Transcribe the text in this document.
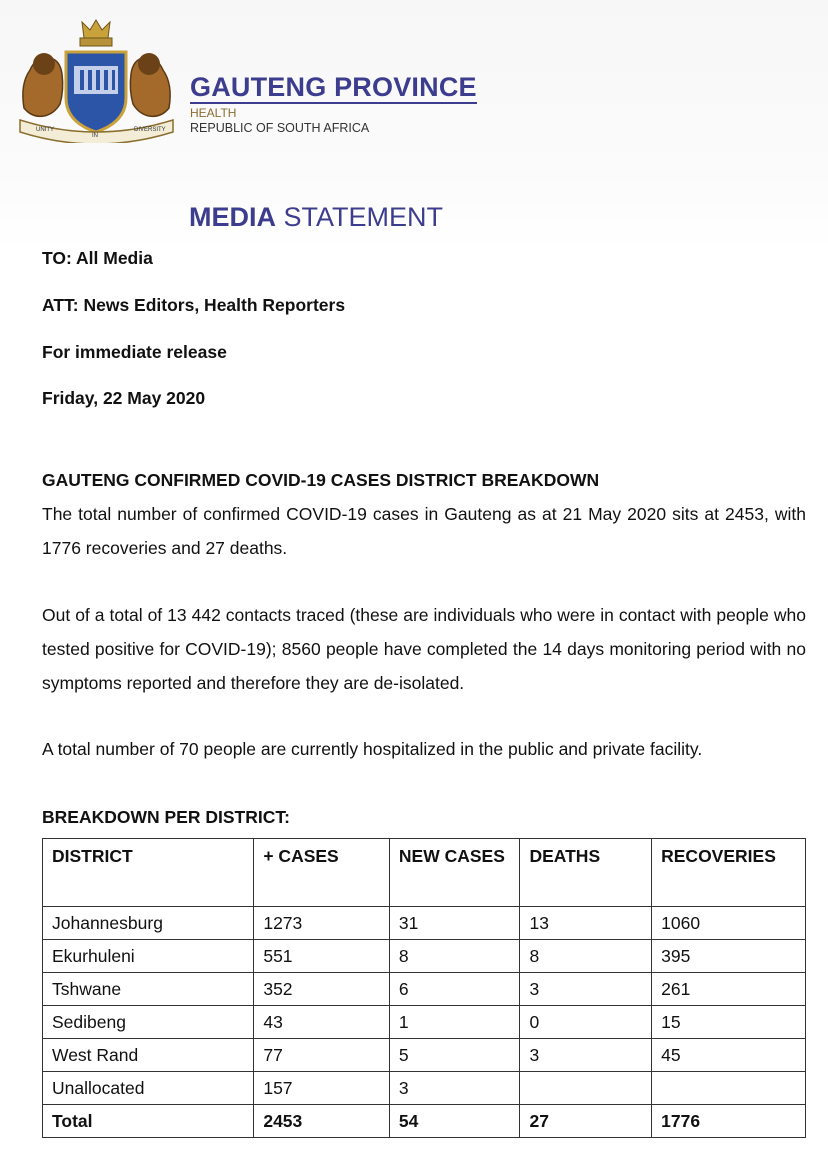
UNITY
IN
DIVERSITY
GAUTENG PROVINCE
HEALTH
REPUBLIC OF SOUTH AFRICA
MEDIA STATEMENT
TO: All Media
ATT: News Editors, Health Reporters
For immediate release
Friday, 22 May 2020
GAUTENG CONFIRMED COVID-19 CASES DISTRICT BREAKDOWN

The total number of confirmed COVID-19 cases in Gauteng as at 21 May 2020 sits at 2453, with 1776 recoveries and 27 deaths.

Out of a total of 13 442 contacts traced (these are individuals who were in contact with people who tested positive for COVID-19); 8560 people have completed the 14 days monitoring period with no symptoms reported and therefore they are de-isolated.

A total number of 70 people are currently hospitalized in the public and private facility.

BREAKDOWN PER DISTRICT:
DISTRICT	+ CASES	NEW CASES	DEATHS	RECOVERIES
Johannesburg	1273	31	13	1060
Ekurhuleni	551	8	8	395
Tshwane	352	6	3	261
Sedibeng	43	1	0	15
West Rand	77	5	3	45
Unallocated	157	3		
Total	2453	54	27	1776
